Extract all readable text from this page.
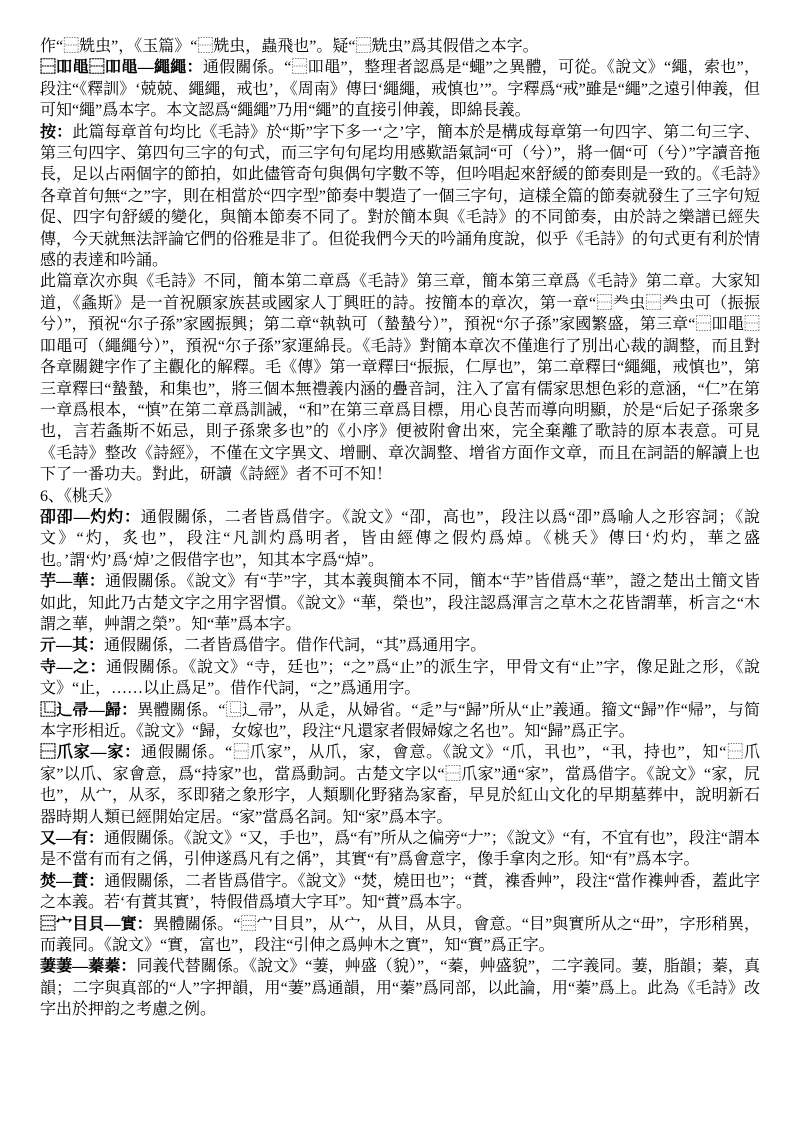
作“⿱兟虫”，《玉篇》“⿱兟虫，蟲飛也”。疑“⿱兟虫”爲其假借之本字。

⿱吅黽⿱吅黽—繩繩：通假關係。“⿱吅黽”，整理者認爲是“蠅”之異體，可從。《說文》“繩，索也”，段注“《釋訓》‘兢兢、繩繩，戒也’，《周南》傳曰‘繩繩，戒慎也’”。字釋爲“戒”雖是“繩”之遠引伸義，但可知“繩”爲本字。本文認爲“繩繩”乃用“繩”的直接引伸義，即綿長義。

按：此篇每章首句均比《毛詩》於“斯”字下多一‘之’字，簡本於是構成每章第一句四字、第二句三字、第三句四字、第四句三字的句式，而三字句句尾均用感歎語氣詞“可（兮）”，將一個“可（兮）”字讀音拖長，足以占兩個字的節拍，如此儘管奇句與偶句字數不等，但吟唱起來舒緩的節奏則是一致的。《毛詩》各章首句無“之”字，則在相當於“四字型”節奏中製造了一個三字句，這樣全篇的節奏就發生了三字句短促、四字句舒緩的變化，與簡本節奏不同了。對於簡本與《毛詩》的不同節奏，由於詩之樂譜已經失傳，今天就無法評論它們的俗雅是非了。但從我們今天的吟誦角度說，似乎《毛詩》的句式更有利於情感的表達和吟誦。

此篇章次亦與《毛詩》不同，簡本第二章爲《毛詩》第三章，簡本第三章爲《毛詩》第二章。大家知道，《螽斯》是一首祝願家族甚或國家人丁興旺的詩。按簡本的章次，第一章“⿱龹虫⿱龹虫可（振振兮）”，預祝“尔子孫”家國振興；第二章“執執可（蟄蟄兮）”，預祝“尔子孫”家國繁盛，第三章“⿱吅黽⿱吅黽可（繩繩兮）”，預祝“尔子孫”家運綿長。《毛詩》對簡本章次不僅進行了別出心裁的調整，而且對各章關鍵字作了主觀化的解釋。毛《傳》第一章釋曰“振振，仁厚也”，第二章釋曰“繩繩，戒慎也”，第三章釋曰“蟄蟄，和集也”，將三個本無禮義内涵的疊音詞，注入了富有儒家思想色彩的意涵，“仁”在第一章爲根本，“慎”在第二章爲訓誡，“和”在第三章爲目標，用心良苦而導向明顯，於是“后妃子孫衆多也，言若螽斯不妬忌，則子孫衆多也”的《小序》便被附會出來，完全棄離了歌詩的原本表意。可見《毛詩》整改《詩經》，不僅在文字異文、增刪、章次調整、增省方面作文章，而且在詞語的解讀上也下了一番功夫。對此，研讀《詩經》者不可不知！

6、《桃夭》

卲卲—灼灼：通假關係，二者皆爲借字。《說文》“卲，高也”，段注以爲“卲”爲喻人之形容詞；《說文》“灼，炙也”，段注“凡訓灼爲明者，皆由經傳之假灼爲焯。《桃夭》傳曰‘灼灼，華之盛也。’謂‘灼’爲‘焯’之假借字也”，知其本字爲“焯”。

芋—華：通假關係。《說文》有“芋”字，其本義與簡本不同，簡本“芋”皆借爲“華”，證之楚出土簡文皆如此，知此乃古楚文字之用字習慣。《說文》“華，榮也”，段注認爲渾言之草木之花皆謂華，析言之“木謂之華，艸謂之榮”。知“華”爲本字。

亓—其：通假關係，二者皆爲借字。借作代詞，“其”爲通用字。

寺—之：通假關係。《說文》“寺，廷也”；“之”爲“止”的派生字，甲骨文有“止”字，像足趾之形，《說文》“止，……以止爲足”。借作代詞，“之”爲通用字。

⿺辶帚—歸：異體關係。“⿺辶帚”，从辵，从婦省。“辵”与“歸”所从“止”義通。籀文“歸”作“帰”，与简本字形相近。《說文》“歸，女嫁也”，段注“凡還家者假婦嫁之名也”。知“歸”爲正字。

⿱爪家—家：通假關係。“⿱爪家”，从爪，家，會意。《說文》“爪，丮也”，“丮，持也”，知“⿱爪家”以爪、家會意，爲“持家”也，當爲動詞。古楚文字以“⿱爪家”通“家”，當爲借字。《說文》“家，凥也”，从宀，从豕，豕即豬之象形字，人類馴化野豬為家畜，早見於紅山文化的早期墓葬中，說明新石器時期人類已經開始定居。“家”當爲名詞。知“家”爲本字。

又—有：通假關係。《說文》“又，手也”，爲“有”所从之偏旁“𠂇”；《說文》“有，不宜有也”，段注“謂本是不當有而有之偁，引伸遂爲凡有之偁”，其實“有”爲會意字，像手拿肉之形。知“有”爲本字。

焚—蕡：通假關係，二者皆爲借字。《說文》“焚，燒田也”；“蕡，襍香艸”，段注“當作襍艸香，蓋此字之本義。若‘有蕡其實’，特假借爲墳大字耳”。知“蕡”爲本字。

⿳宀目貝—實：異體關係。“⿳宀目貝”，从宀，从目，从貝，會意。“目”與實所从之“毌”，字形稍異，而義同。《說文》“實，富也”，段注“引伸之爲艸木之實”，知“實”爲正字。

萋萋—蓁蓁：同義代替關係。《說文》“萋，艸盛（貌）”，“蓁，艸盛貌”，二字義同。萋，脂韻；蓁，真韻；二字與真部的“人”字押韻，用“萋”爲通韻，用“蓁”爲同部，以此論，用“蓁”爲上。此為《毛詩》改字出於押韵之考慮之例。
